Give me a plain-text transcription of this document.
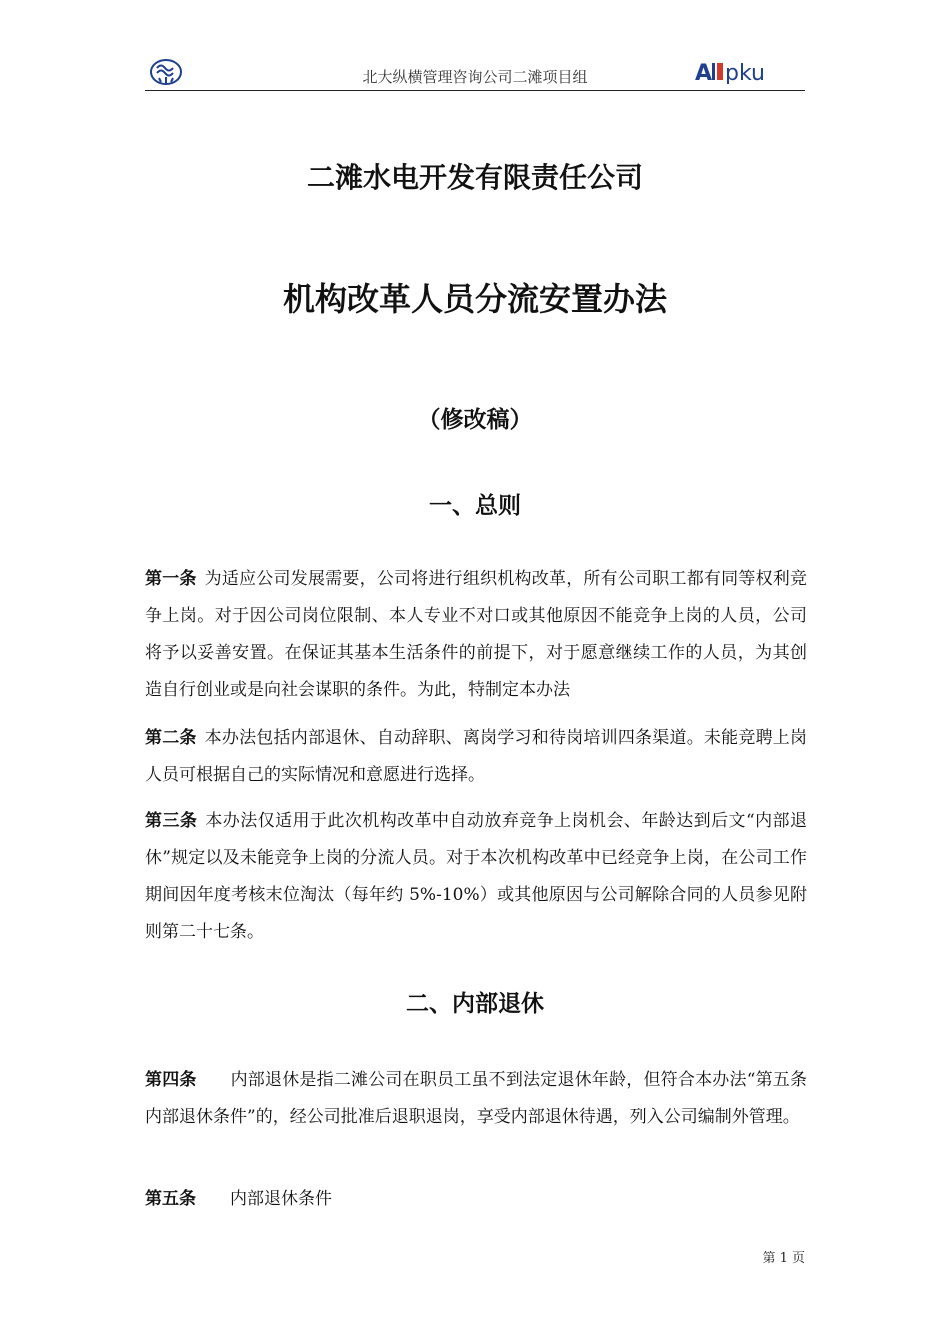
北大纵横管理咨询公司二滩项目组	A pku
二滩水电开发有限责任公司
机构改革人员分流安置办法
（修改稿）
一、总则
第一条 为适应公司发展需要，公司将进行组织机构改革，所有公司职工都有同等权利竞争上岗。对于因公司岗位限制、本人专业不对口或其他原因不能竞争上岗的人员，公司将予以妥善安置。在保证其基本生活条件的前提下，对于愿意继续工作的人员，为其创造自行创业或是向社会谋职的条件。为此，特制定本办法
第二条 本办法包括内部退休、自动辞职、离岗学习和待岗培训四条渠道。未能竞聘上岗人员可根据自己的实际情况和意愿进行选择。
第三条 本办法仅适用于此次机构改革中自动放弃竞争上岗机会、年龄达到后文“内部退休”规定以及未能竞争上岗的分流人员。对于本次机构改革中已经竞争上岗，在公司工作期间因年度考核末位淘汰（每年约 5%-10%）或其他原因与公司解除合同的人员参见附则第二十七条。
二、内部退休
第四条 内部退休是指二滩公司在职员工虽不到法定退休年龄，但符合本办法“第五条内部退休条件”的，经公司批准后退职退岗，享受内部退休待遇，列入公司编制外管理。
第五条 内部退休条件
第 1 页
